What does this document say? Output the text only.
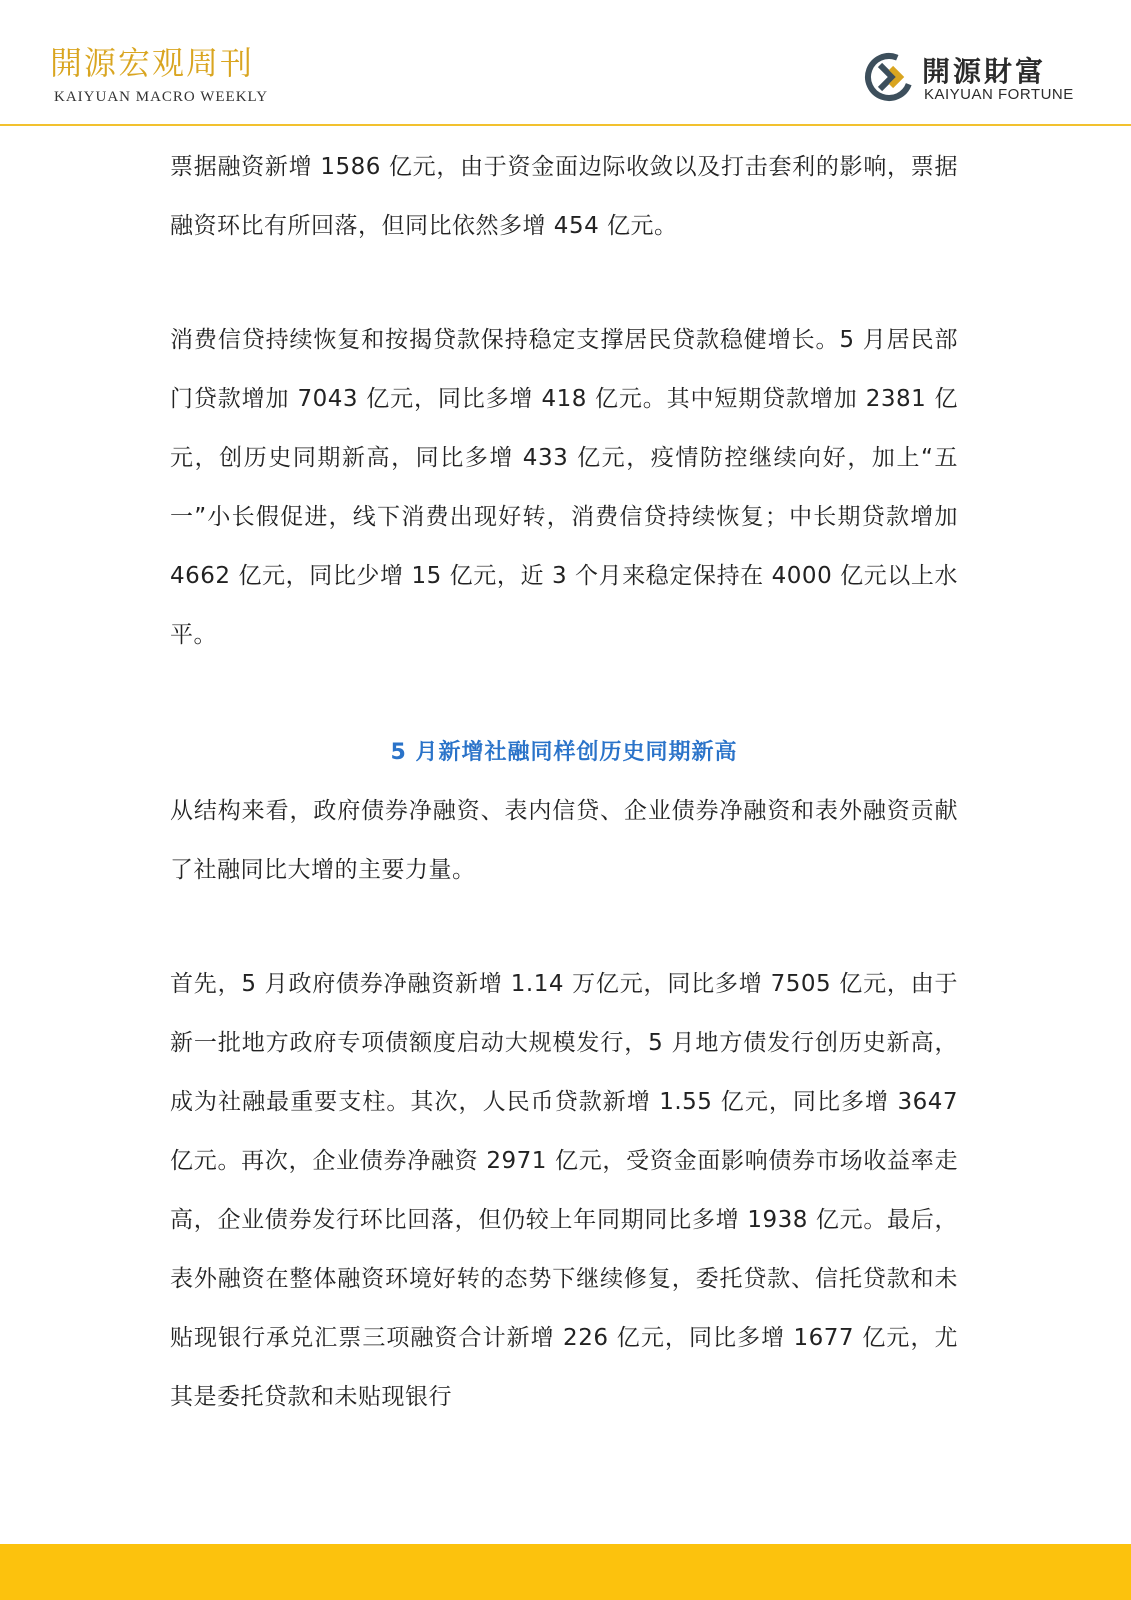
開源宏观周刊
KAIYUAN MACRO WEEKLY
開源財富
KAIYUAN FORTUNE

票据融资新增 1586 亿元，由于资金面边际收敛以及打击套利的影响，票据融资环比有所回落，但同比依然多增 454 亿元。

消费信贷持续恢复和按揭贷款保持稳定支撑居民贷款稳健增长。5 月居民部门贷款增加 7043 亿元，同比多增 418 亿元。其中短期贷款增加 2381 亿元，创历史同期新高，同比多增 433 亿元，疫情防控继续向好，加上“五一”小长假促进，线下消费出现好转，消费信贷持续恢复；中长期贷款增加 4662 亿元，同比少增 15 亿元，近 3 个月来稳定保持在 4000 亿元以上水平。

5 月新增社融同样创历史同期新高

从结构来看，政府债券净融资、表内信贷、企业债券净融资和表外融资贡献了社融同比大增的主要力量。

首先，5 月政府债券净融资新增 1.14 万亿元，同比多增 7505 亿元，由于新一批地方政府专项债额度启动大规模发行，5 月地方债发行创历史新高，成为社融最重要支柱。其次，人民币贷款新增 1.55 亿元，同比多增 3647 亿元。再次，企业债券净融资 2971 亿元，受资金面影响债券市场收益率走高，企业债券发行环比回落，但仍较上年同期同比多增 1938 亿元。最后，表外融资在整体融资环境好转的态势下继续修复，委托贷款、信托贷款和未贴现银行承兑汇票三项融资合计新增 226 亿元，同比多增 1677 亿元，尤其是委托贷款和未贴现银行
